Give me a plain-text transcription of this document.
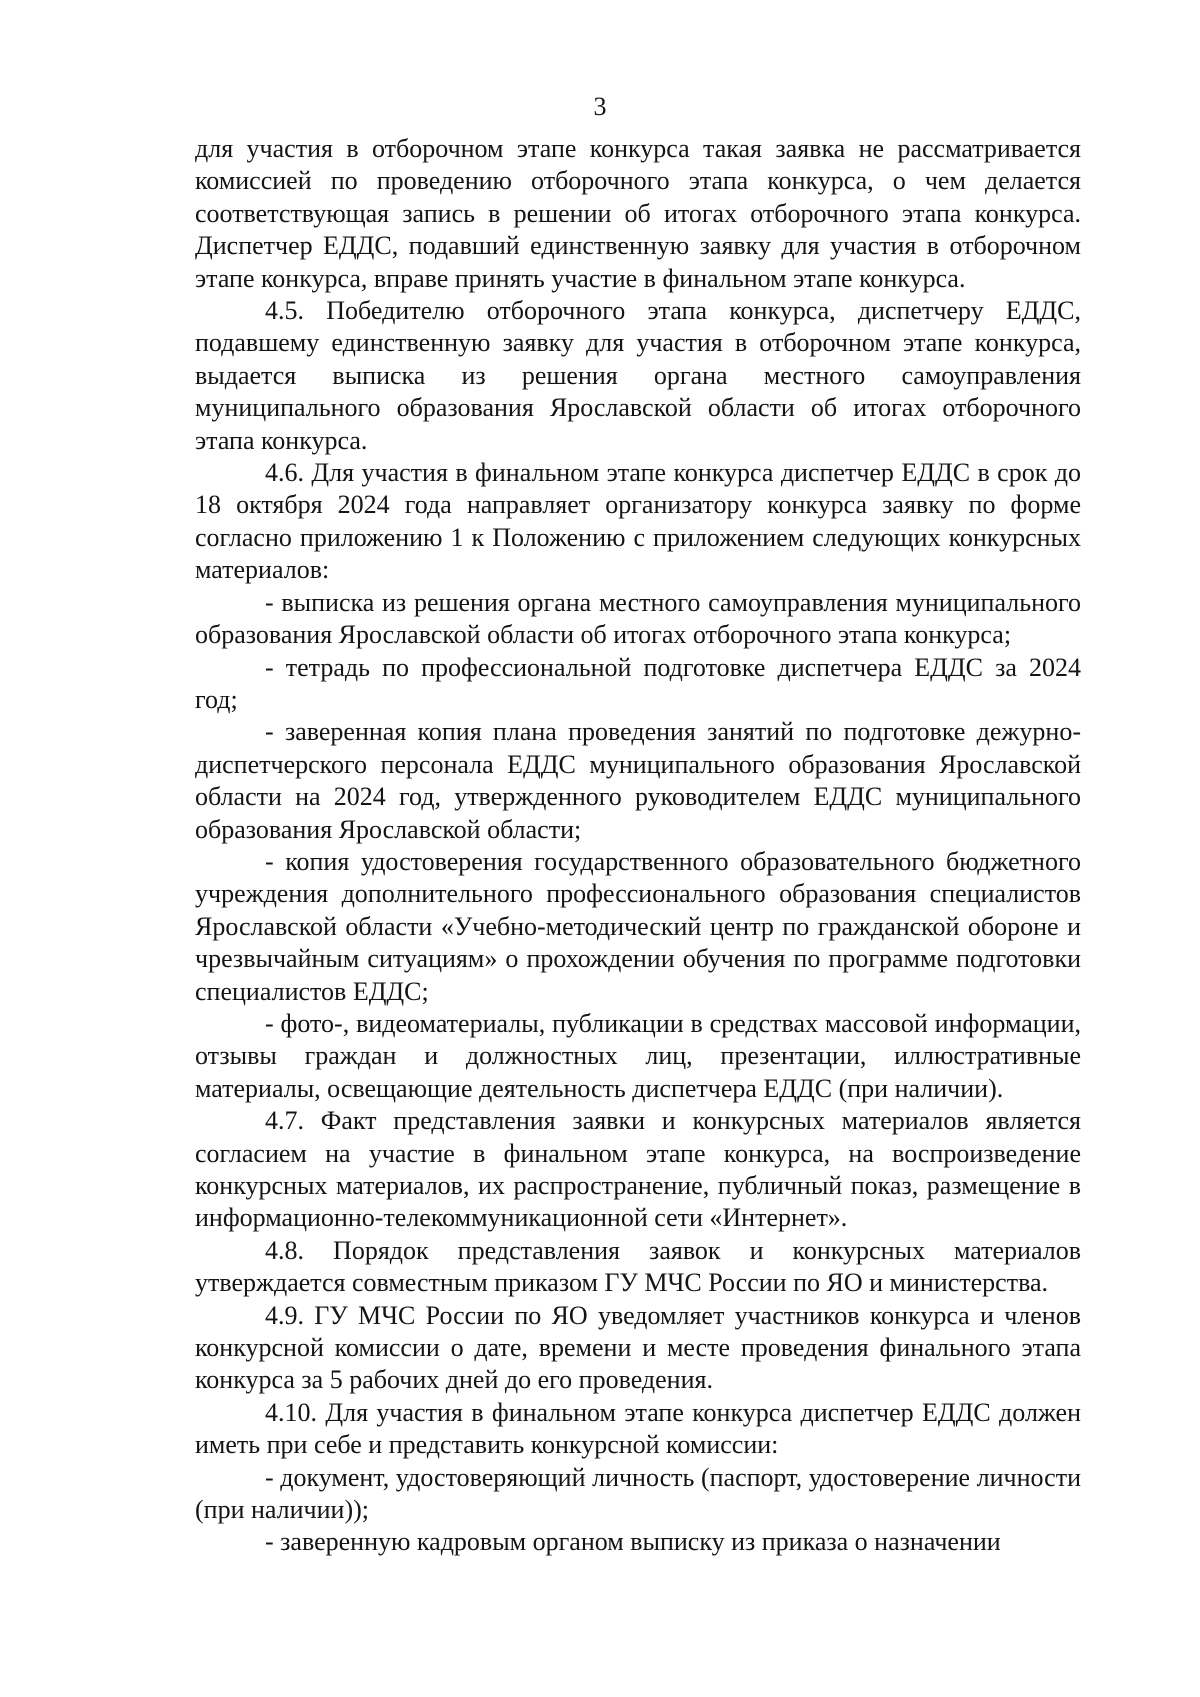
3

для участия в отборочном этапе конкурса такая заявка не рассматривается комиссией по проведению отборочного этапа конкурса, о чем делается соответствующая запись в решении об итогах отборочного этапа конкурса. Диспетчер ЕДДС, подавший единственную заявку для участия в отборочном этапе конкурса, вправе принять участие в финальном этапе конкурса.

4.5. Победителю отборочного этапа конкурса, диспетчеру ЕДДС, подавшему единственную заявку для участия в отборочном этапе конкурса, выдается выписка из решения органа местного самоуправления муниципального образования Ярославской области об итогах отборочного этапа конкурса.

4.6. Для участия в финальном этапе конкурса диспетчер ЕДДС в срок до 18 октября 2024 года направляет организатору конкурса заявку по форме согласно приложению 1 к Положению с приложением следующих конкурсных материалов:

- выписка из решения органа местного самоуправления муниципального образования Ярославской области об итогах отборочного этапа конкурса;

- тетрадь по профессиональной подготовке диспетчера ЕДДС за 2024 год;

- заверенная копия плана проведения занятий по подготовке дежурно-диспетчерского персонала ЕДДС муниципального образования Ярославской области на 2024 год, утвержденного руководителем ЕДДС муниципального образования Ярославской области;

- копия удостоверения государственного образовательного бюджетного учреждения дополнительного профессионального образования специалистов Ярославской области «Учебно-методический центр по гражданской обороне и чрезвычайным ситуациям» о прохождении обучения по программе подготовки специалистов ЕДДС;

- фото-, видеоматериалы, публикации в средствах массовой информации, отзывы граждан и должностных лиц, презентации, иллюстративные материалы, освещающие деятельность диспетчера ЕДДС (при наличии).

4.7. Факт представления заявки и конкурсных материалов является согласием на участие в финальном этапе конкурса, на воспроизведение конкурсных материалов, их распространение, публичный показ, размещение в информационно-телекоммуникационной сети «Интернет».

4.8. Порядок представления заявок и конкурсных материалов утверждается совместным приказом ГУ МЧС России по ЯО и министерства.

4.9. ГУ МЧС России по ЯО уведомляет участников конкурса и членов конкурсной комиссии о дате, времени и месте проведения финального этапа конкурса за 5 рабочих дней до его проведения.

4.10. Для участия в финальном этапе конкурса диспетчер ЕДДС должен иметь при себе и представить конкурсной комиссии:

- документ, удостоверяющий личность (паспорт, удостоверение личности (при наличии));

- заверенную кадровым органом выписку из приказа о назначении
